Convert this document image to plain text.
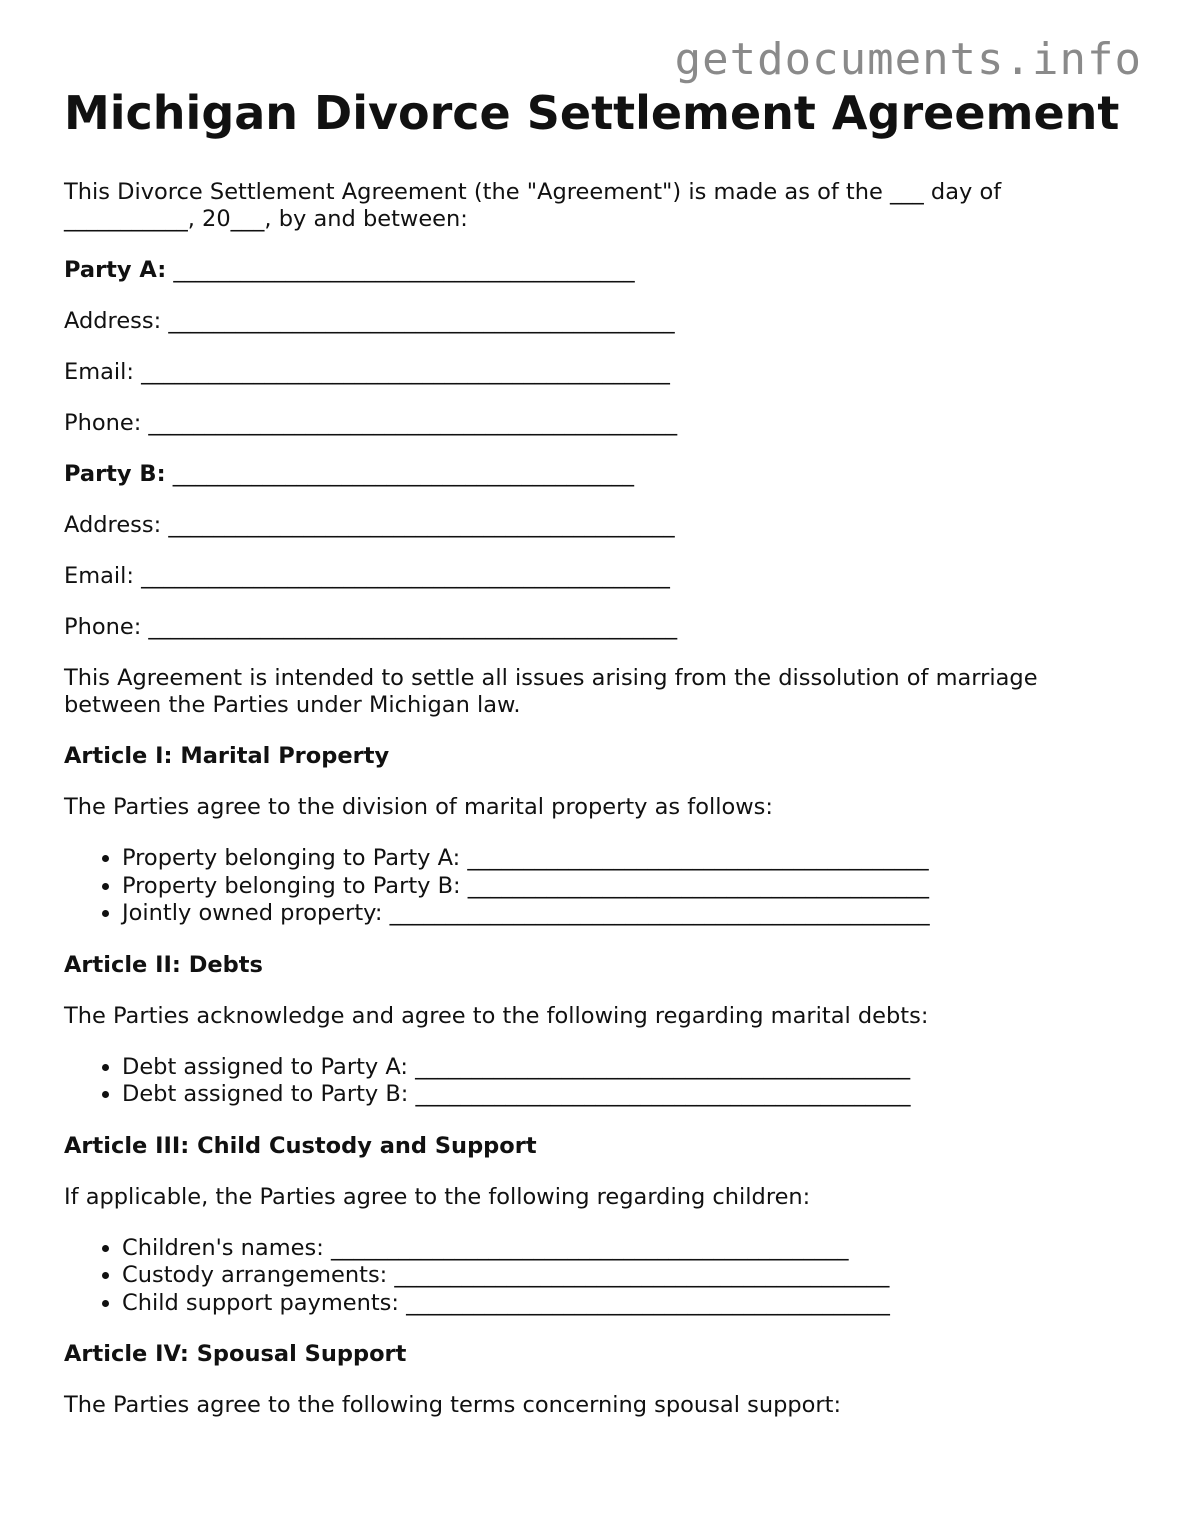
getdocuments.info
Michigan Divorce Settlement Agreement

This Divorce Settlement Agreement (the "Agreement") is made as of the ___ day of ___________, 20___, by and between:

Party A: _________________________________________

Address: _____________________________________________

Email: _______________________________________________

Phone: _______________________________________________

Party B: _________________________________________

Address: _____________________________________________

Email: _______________________________________________

Phone: _______________________________________________

This Agreement is intended to settle all issues arising from the dissolution of marriage between the Parties under Michigan law.

Article I: Marital Property

The Parties agree to the division of marital property as follows:

• Property belonging to Party A: _________________________________________
• Property belonging to Party B: _________________________________________
• Jointly owned property: ________________________________________________

Article II: Debts

The Parties acknowledge and agree to the following regarding marital debts:

• Debt assigned to Party A: ____________________________________________
• Debt assigned to Party B: ____________________________________________

Article III: Child Custody and Support

If applicable, the Parties agree to the following regarding children:

• Children's names: ______________________________________________
• Custody arrangements: ____________________________________________
• Child support payments: ___________________________________________

Article IV: Spousal Support

The Parties agree to the following terms concerning spousal support:
